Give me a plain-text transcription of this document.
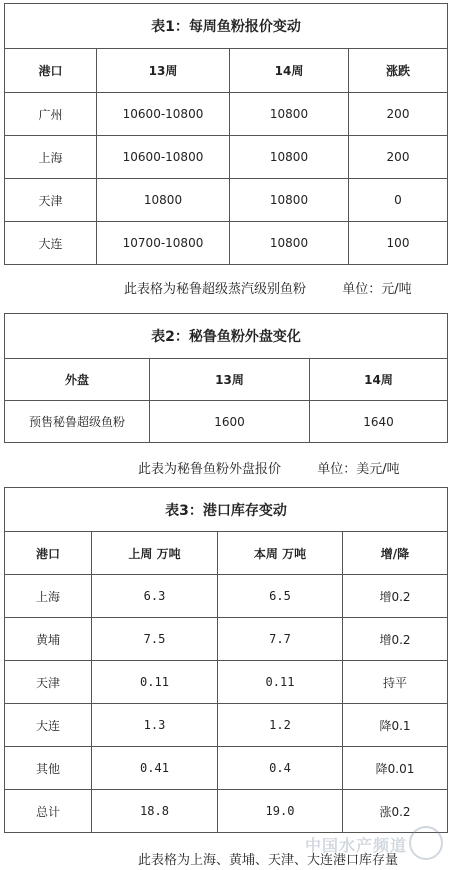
表1：每周鱼粉报价变动			
港口	13周	14周	涨跌
广州	10600-10800	10800	200
上海	10600-10800	10800	200
天津	10800	10800	0
大连	10700-10800	10800	100
此表格为秘鲁超级蒸汽级别鱼粉	单位：元/吨
表2：秘鲁鱼粉外盘变化		
外盘	13周	14周
预售秘鲁超级鱼粉	1600	1640
此表为秘鲁鱼粉外盘报价	单位：美元/吨
表3：港口库存变动			
港口	上周 万吨	本周 万吨	增/降
上海	6.3	6.5	增0.2
黄埔	7.5	7.7	增0.2
天津	0.11	0.11	持平
大连	1.3	1.2	降0.1
其他	0.41	0.4	降0.01
总计	18.8	19.0	涨0.2
此表格为上海、黄埔、天津、大连港口库存量
中国水产频道
